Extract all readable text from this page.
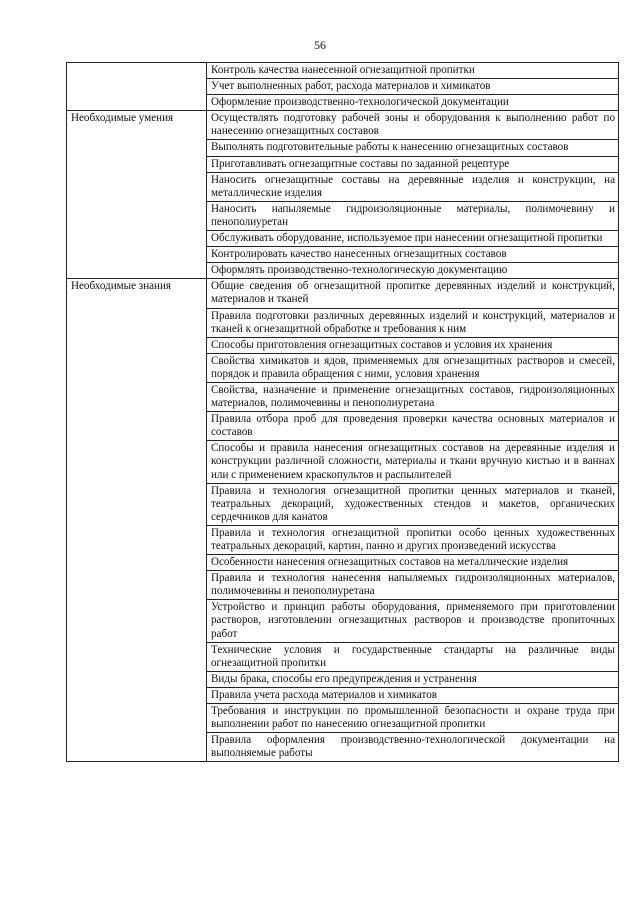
56
	Контроль качества нанесенной огнезащитной пропитки
	Учет выполненных работ, расхода материалов и химикатов
	Оформление производственно-технологической документации
Необходимые умения	Осуществлять подготовку рабочей зоны и оборудования к выполнению работ по нанесению огнезащитных составов
	Выполнять подготовительные работы к нанесению огнезащитных составов
	Приготавливать огнезащитные составы по заданной рецептуре
	Наносить огнезащитные составы на деревянные изделия и конструкции, на металлические изделия
	Наносить напыляемые гидроизоляционные материалы, полимочевину и пенополиуретан
	Обслуживать оборудование, используемое при нанесении огнезащитной пропитки
	Контролировать качество нанесенных огнезащитных составов
	Оформлять производственно-технологическую документацию
Необходимые знания	Общие сведения об огнезащитной пропитке деревянных изделий и конструкций, материалов и тканей
	Правила подготовки различных деревянных изделий и конструкций, материалов и тканей к огнезащитной обработке и требования к ним
	Способы приготовления огнезащитных составов и условия их хранения
	Свойства химикатов и ядов, применяемых для огнезащитных растворов и смесей, порядок и правила обращения с ними, условия хранения
	Свойства, назначение и применение огнезащитных составов, гидроизоляционных материалов, полимочевины и пенополиуретана
	Правила отбора проб для проведения проверки качества основных материалов и составов
	Способы и правила нанесения огнезащитных составов на деревянные изделия и конструкции различной сложности, материалы и ткани вручную кистью и в ваннах или с применением краскопультов и распылителей
	Правила и технология огнезащитной пропитки ценных материалов и тканей, театральных декораций, художественных стендов и макетов, органических сердечников для канатов
	Правила и технология огнезащитной пропитки особо ценных художественных театральных декораций, картин, панно и других произведений искусства
	Особенности нанесения огнезащитных составов на металлические изделия
	Правила и технология нанесения напыляемых гидроизоляционных материалов, полимочевины и пенополиуретана
	Устройство и принцип работы оборудования, применяемого при приготовлении растворов, изготовлении огнезащитных растворов и производстве пропиточных работ
	Технические условия и государственные стандарты на различные виды огнезащитной пропитки
	Виды брака, способы его предупреждения и устранения
	Правила учета расхода материалов и химикатов
	Требования и инструкции по промышленной безопасности и охране труда при выполнении работ по нанесению огнезащитной пропитки
	Правила оформления производственно-технологической документации на выполняемые работы
